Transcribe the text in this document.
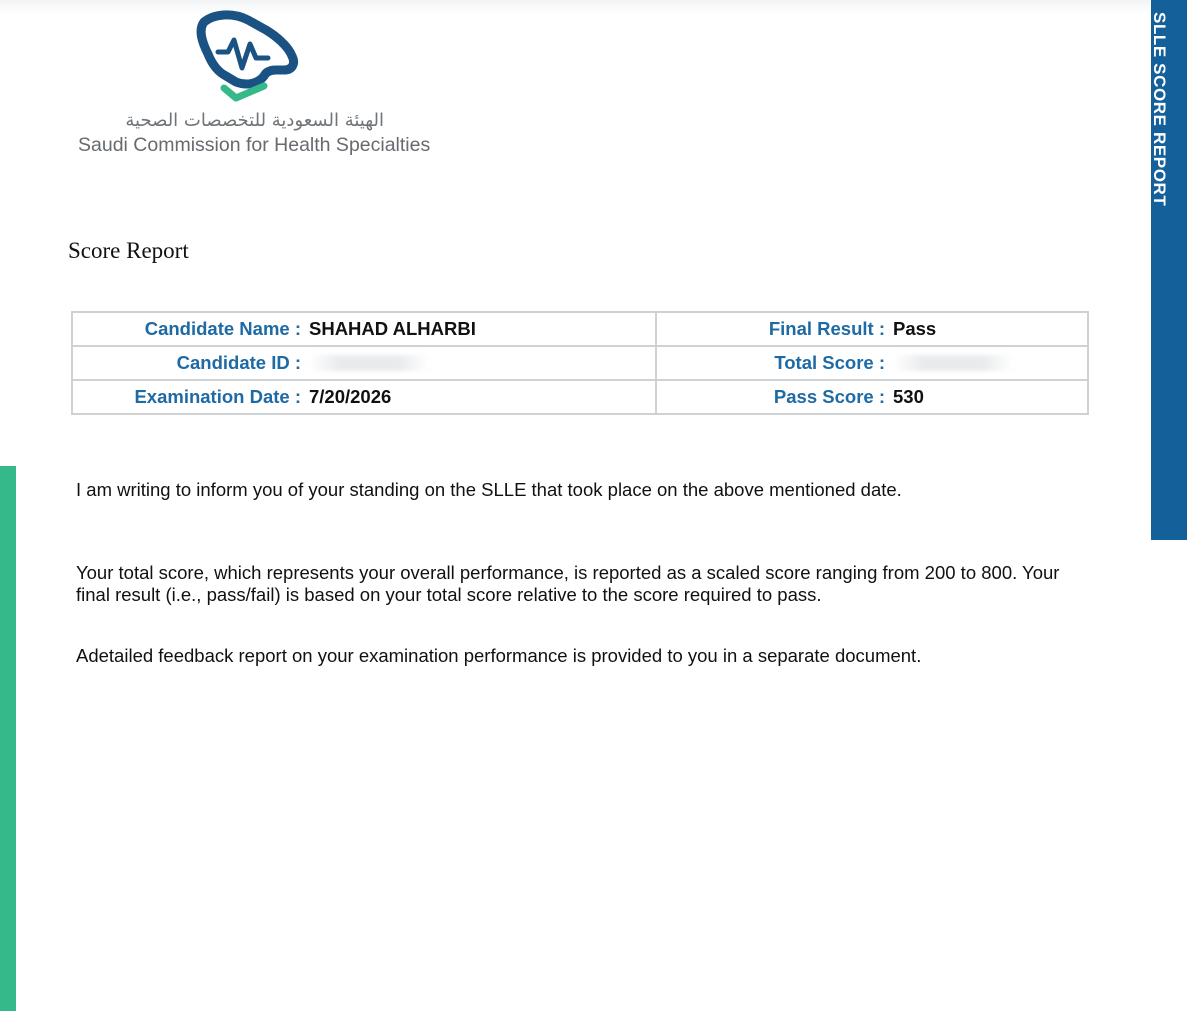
الهيئة السعودية للتخصصات الصحية
Saudi Commission for Health Specialties	SLLE SCORE REPORT
Score Report
Candidate Name : SHAHAD ALHARBI	Final Result : Pass

Candidate ID :	Total Score :

Examination Date : 7/20/2026	Pass Score : 530
I am writing to inform you of your standing on the SLLE that took place on the above mentioned date.
Your total score, which represents your overall performance, is reported as a scaled score ranging from 200 to 800. Your final result (i.e., pass/fail) is based on your total score relative to the score required to pass.
Adetailed feedback report on your examination performance is provided to you in a separate document.
